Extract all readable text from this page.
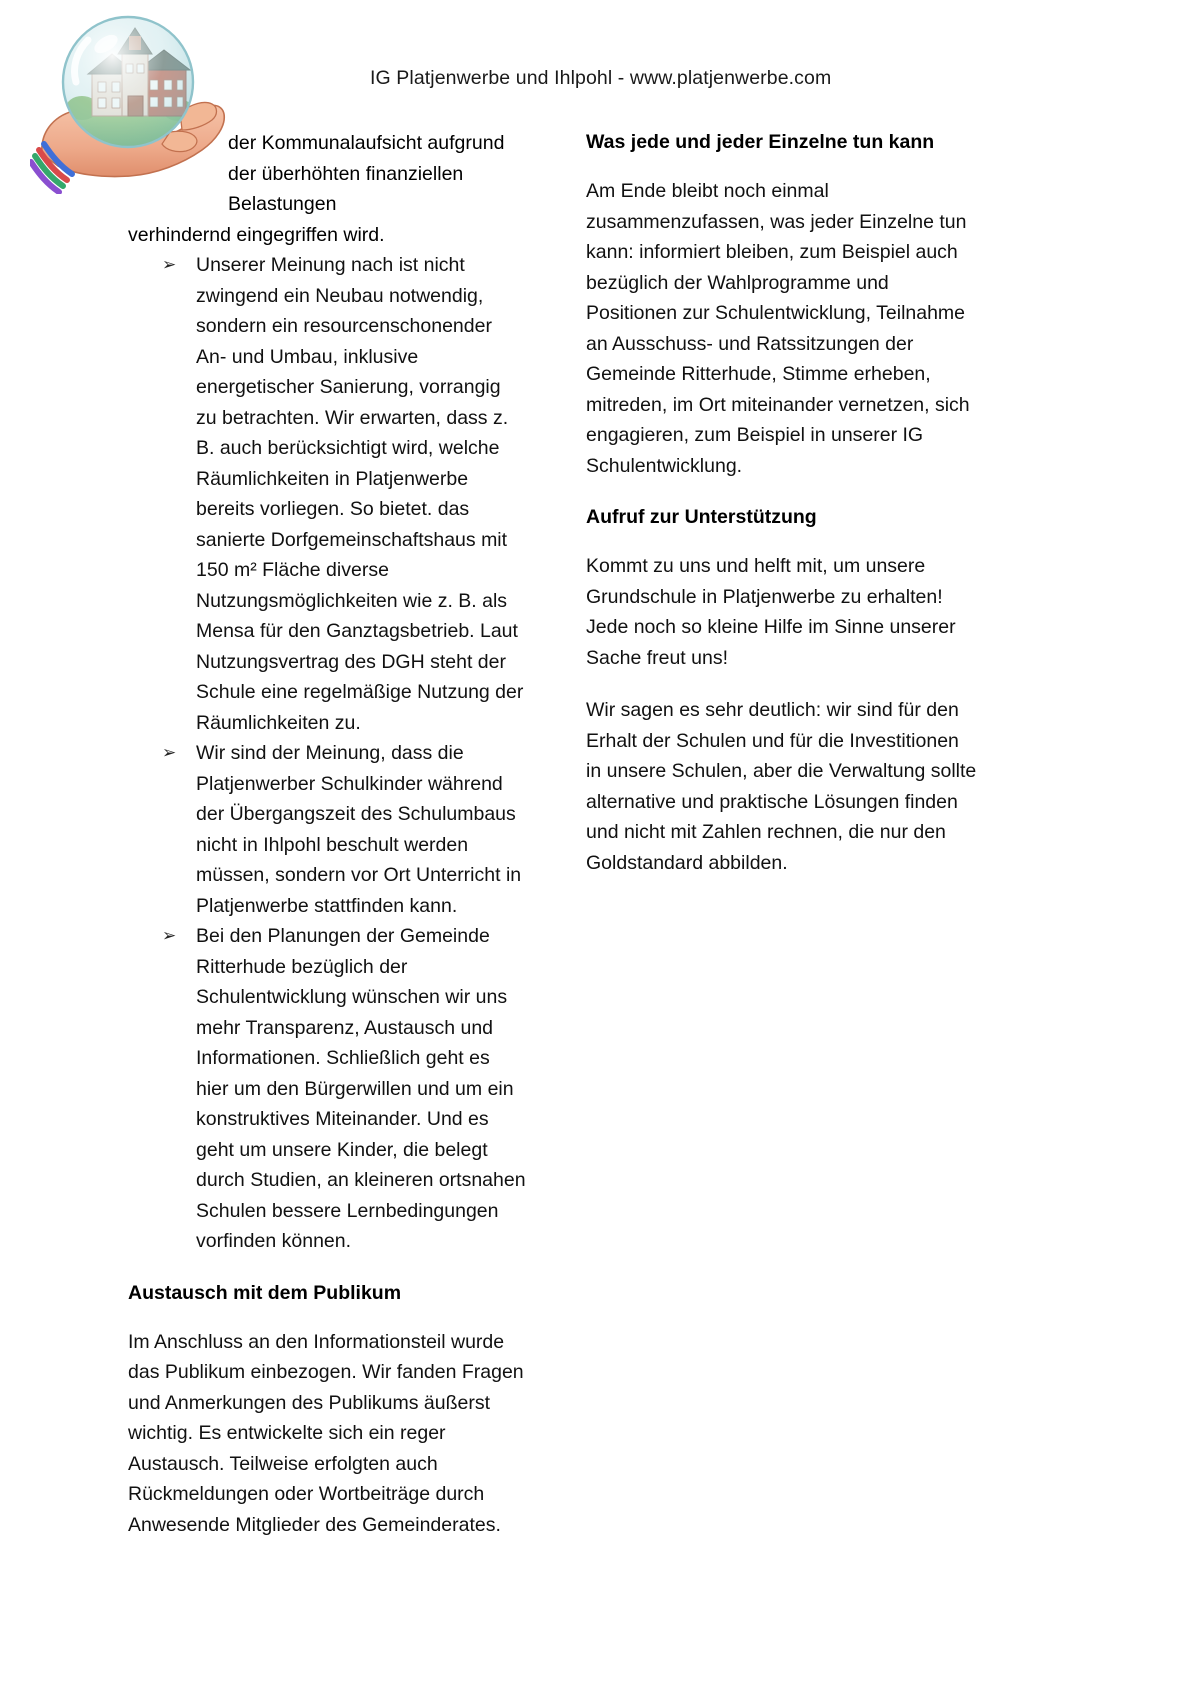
IG Platjenwerbe und Ihlpohl - www.platjenwerbe.com

der Kommunalaufsicht aufgrund der überhöhten finanziellen Belastungen
verhindernd eingegriffen wird.

➢ Unserer Meinung nach ist nicht zwingend ein Neubau notwendig, sondern ein resourcenschonender An- und Umbau, inklusive energetischer Sanierung, vorrangig zu betrachten. Wir erwarten, dass z. B. auch berücksichtigt wird, welche Räumlichkeiten in Platjenwerbe bereits vorliegen. So bietet. das sanierte Dorfgemeinschaftshaus mit 150 m² Fläche diverse Nutzungsmöglichkeiten wie z. B. als Mensa für den Ganztagsbetrieb. Laut Nutzungsvertrag des DGH steht der Schule eine regelmäßige Nutzung der Räumlichkeiten zu.
➢ Wir sind der Meinung, dass die Platjenwerber Schulkinder während der Übergangszeit des Schulumbaus nicht in Ihlpohl beschult werden müssen, sondern vor Ort Unterricht in Platjenwerbe stattfinden kann.
➢ Bei den Planungen der Gemeinde Ritterhude bezüglich der Schulentwicklung wünschen wir uns mehr Transparenz, Austausch und Informationen. Schließlich geht es hier um den Bürgerwillen und um ein konstruktives Miteinander. Und es geht um unsere Kinder, die belegt durch Studien, an kleineren ortsnahen Schulen bessere Lernbedingungen vorfinden können.
Austausch mit dem Publikum

Im Anschluss an den Informationsteil wurde das Publikum einbezogen. Wir fanden Fragen und Anmerkungen des Publikums äußerst wichtig. Es entwickelte sich ein reger Austausch. Teilweise erfolgten auch Rückmeldungen oder Wortbeiträge durch Anwesende Mitglieder des Gemeinderates.

Was jede und jeder Einzelne tun kann

Am Ende bleibt noch einmal zusammenzufassen, was jeder Einzelne tun kann: informiert bleiben, zum Beispiel auch bezüglich der Wahlprogramme und Positionen zur Schulentwicklung, Teilnahme an Ausschuss- und Ratssitzungen der Gemeinde Ritterhude, Stimme erheben, mitreden, im Ort miteinander vernetzen, sich engagieren, zum Beispiel in unserer IG Schulentwicklung.

Aufruf zur Unterstützung

Kommt zu uns und helft mit, um unsere Grundschule in Platjenwerbe zu erhalten! Jede noch so kleine Hilfe im Sinne unserer Sache freut uns!

Wir sagen es sehr deutlich: wir sind für den Erhalt der Schulen und für die Investitionen in unsere Schulen, aber die Verwaltung sollte alternative und praktische Lösungen finden und nicht mit Zahlen rechnen, die nur den Goldstandard abbilden.
